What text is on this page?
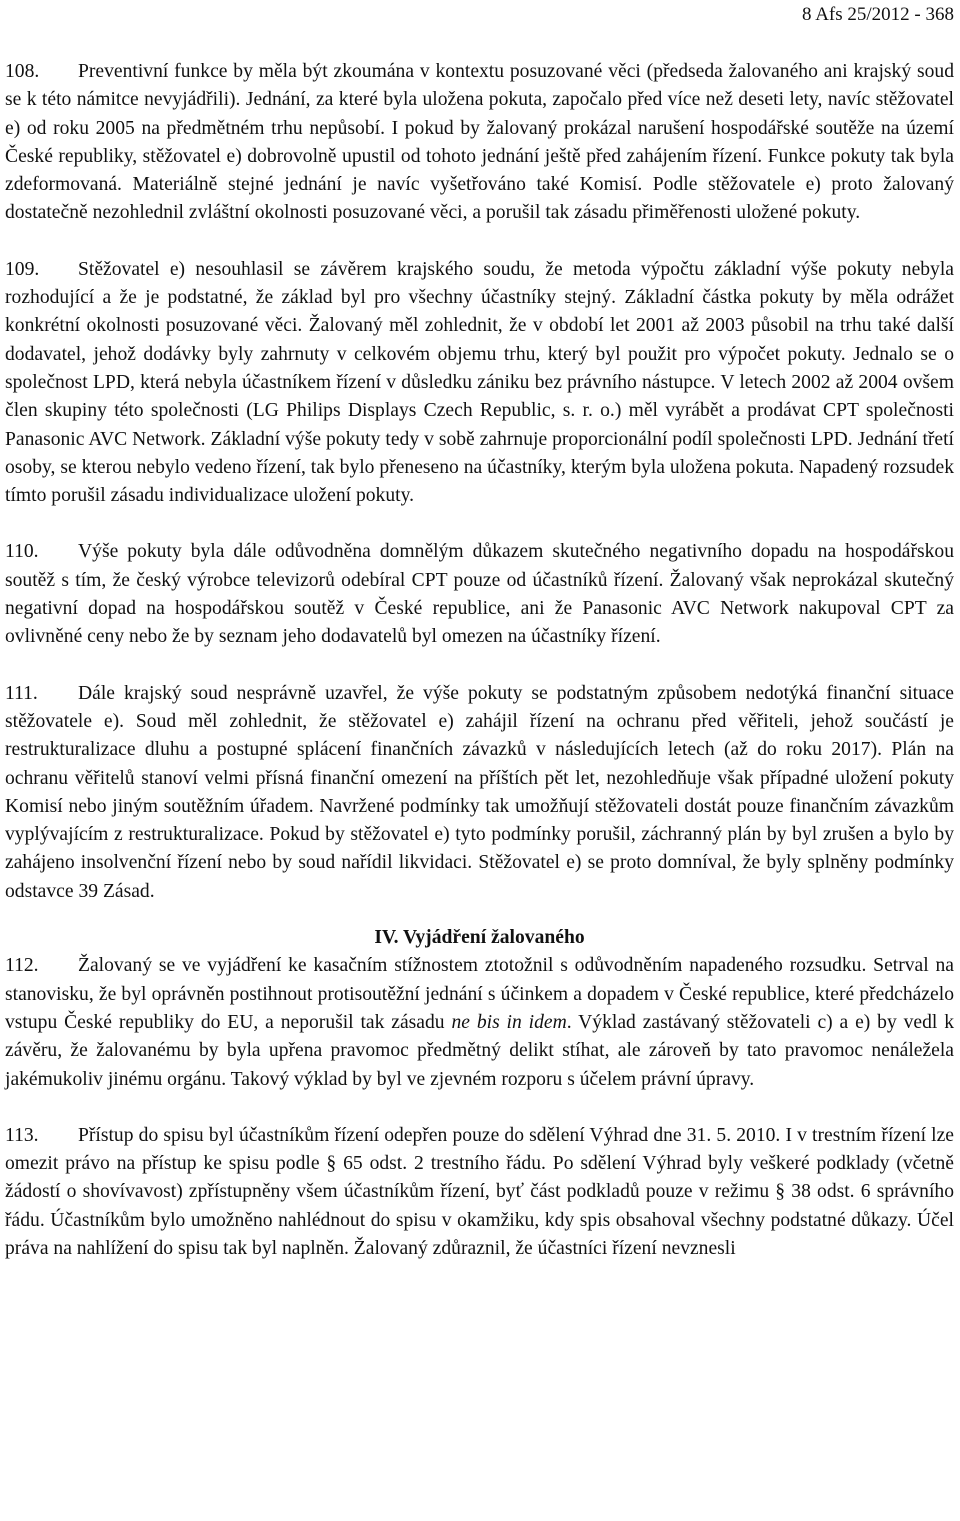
8 Afs 25/2012 - 368

108. Preventivní funkce by měla být zkoumána v kontextu posuzované věci (předseda žalovaného ani krajský soud se k této námitce nevyjádřili). Jednání, za které byla uložena pokuta, započalo před více než deseti lety, navíc stěžovatel e) od roku 2005 na předmětném trhu nepůsobí. I pokud by žalovaný prokázal narušení hospodářské soutěže na území České republiky, stěžovatel e) dobrovolně upustil od tohoto jednání ještě před zahájením řízení. Funkce pokuty tak byla zdeformovaná. Materiálně stejné jednání je navíc vyšetřováno také Komisí. Podle stěžovatele e) proto žalovaný dostatečně nezohlednil zvláštní okolnosti posuzované věci, a porušil tak zásadu přiměřenosti uložené pokuty.

109. Stěžovatel e) nesouhlasil se závěrem krajského soudu, že metoda výpočtu základní výše pokuty nebyla rozhodující a že je podstatné, že základ byl pro všechny účastníky stejný. Základní částka pokuty by měla odrážet konkrétní okolnosti posuzované věci. Žalovaný měl zohlednit, že v období let 2001 až 2003 působil na trhu také další dodavatel, jehož dodávky byly zahrnuty v celkovém objemu trhu, který byl použit pro výpočet pokuty. Jednalo se o společnost LPD, která nebyla účastníkem řízení v důsledku zániku bez právního nástupce. V letech 2002 až 2004 ovšem člen skupiny této společnosti (LG Philips Displays Czech Republic, s. r. o.) měl vyrábět a prodávat CPT společnosti Panasonic AVC Network. Základní výše pokuty tedy v sobě zahrnuje proporcionální podíl společnosti LPD. Jednání třetí osoby, se kterou nebylo vedeno řízení, tak bylo přeneseno na účastníky, kterým byla uložena pokuta. Napadený rozsudek tímto porušil zásadu individualizace uložení pokuty.

110. Výše pokuty byla dále odůvodněna domnělým důkazem skutečného negativního dopadu na hospodářskou soutěž s tím, že český výrobce televizorů odebíral CPT pouze od účastníků řízení. Žalovaný však neprokázal skutečný negativní dopad na hospodářskou soutěž v České republice, ani že Panasonic AVC Network nakupoval CPT za ovlivněné ceny nebo že by seznam jeho dodavatelů byl omezen na účastníky řízení.

111. Dále krajský soud nesprávně uzavřel, že výše pokuty se podstatným způsobem nedotýká finanční situace stěžovatele e). Soud měl zohlednit, že stěžovatel e) zahájil řízení na ochranu před věřiteli, jehož součástí je restrukturalizace dluhu a postupné splácení finančních závazků v následujících letech (až do roku 2017). Plán na ochranu věřitelů stanoví velmi přísná finanční omezení na příštích pět let, nezohledňuje však případné uložení pokuty Komisí nebo jiným soutěžním úřadem. Navržené podmínky tak umožňují stěžovateli dostát pouze finančním závazkům vyplývajícím z restrukturalizace. Pokud by stěžovatel e) tyto podmínky porušil, záchranný plán by byl zrušen a bylo by zahájeno insolvenční řízení nebo by soud nařídil likvidaci. Stěžovatel e) se proto domníval, že byly splněny podmínky odstavce 39 Zásad.

IV. Vyjádření žalovaného

112. Žalovaný se ve vyjádření ke kasačním stížnostem ztotožnil s odůvodněním napadeného rozsudku. Setrval na stanovisku, že byl oprávněn postihnout protisoutěžní jednání s účinkem a dopadem v České republice, které předcházelo vstupu České republiky do EU, a neporušil tak zásadu ne bis in idem. Výklad zastávaný stěžovateli c) a e) by vedl k závěru, že žalovanému by byla upřena pravomoc předmětný delikt stíhat, ale zároveň by tato pravomoc nenáležela jakémukoliv jinému orgánu. Takový výklad by byl ve zjevném rozporu s účelem právní úpravy.

113. Přístup do spisu byl účastníkům řízení odepřen pouze do sdělení Výhrad dne 31. 5. 2010. I v trestním řízení lze omezit právo na přístup ke spisu podle § 65 odst. 2 trestního řádu. Po sdělení Výhrad byly veškeré podklady (včetně žádostí o shovívavost) zpřístupněny všem účastníkům řízení, byť část podkladů pouze v režimu § 38 odst. 6 správního řádu. Účastníkům bylo umožněno nahlédnout do spisu v okamžiku, kdy spis obsahoval všechny podstatné důkazy. Účel práva na nahlížení do spisu tak byl naplněn. Žalovaný zdůraznil, že účastníci řízení nevznesli
